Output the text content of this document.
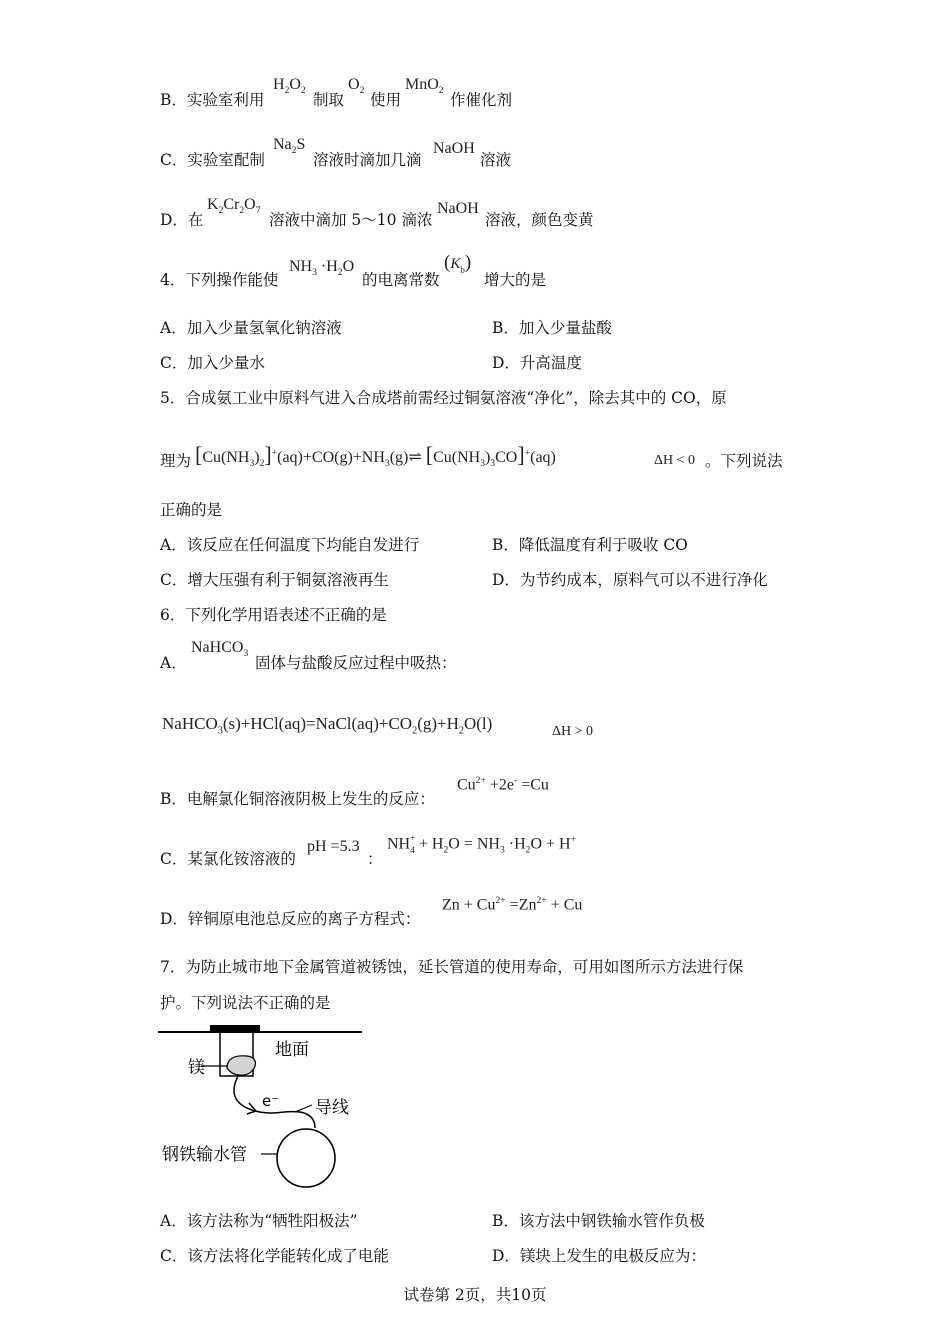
B．实验室利用
$H_2O_2$
制取
$O_2$
使用
MnO$_2$
作催化剂
C．实验室配制
$Na_2S$
溶液时滴加几滴
NaOH
溶液
D．在
$K_2Cr_2O_7$
溶液中滴加 5～10 滴浓
NaOH
溶液，颜色变黄
4．下列操作能使
$NH_3 \cdot H_2O$
的电离常数
$(K_b)$
增大的是
A．加入少量氢氧化钠溶液	B．加入少量盐酸
C．加入少量水	D．升高温度
5．合成氨工业中原料气进入合成塔前需经过铜氨溶液“净化”，除去其中的 CO，原
理为 $[Cu(NH_3)_2]^+(aq)+CO(g)+NH_3(g)\rightleftharpoons$ $[Cu(NH_3)_3CO]^+(aq)$	ΔH < 0 。下列说法
正确的是
A．该反应在任何温度下均能自发进行	B．降低温度有利于吸收 CO
C．增大压强有利于铜氨溶液再生	D．为节约成本，原料气可以不进行净化
6．下列化学用语表述不正确的是
A．
NaHCO$_3$
固体与盐酸反应过程中吸热：
$NaHCO_3(s)+HCl(aq)=NaCl(aq)+CO_2(g)+H_2O(l)$	ΔH > 0
B．电解氯化铜溶液阴极上发生的反应：
$Cu^{2+} +2e^- =Cu$
C．某氯化铵溶液的
pH =5.3
：
NH $_{+ 4} + H_2O = NH_3 \cdot H_2O + H^+$
D．锌铜原电池总反应的离子方程式：
$Zn + Cu^{2+} =Zn^{2+} + Cu$
7．为防止城市地下金属管道被锈蚀，延长管道的使用寿命，可用如图所示方法进行保
护。下列说法不正确的是
地面
镁
e⁻ 导线
钢铁输水管
A．该方法称为“牺牲阳极法”	B．该方法中钢铁输水管作负极
C．该方法将化学能转化成了电能	D．镁块上发生的电极反应为：
试卷第 2页，共10页
